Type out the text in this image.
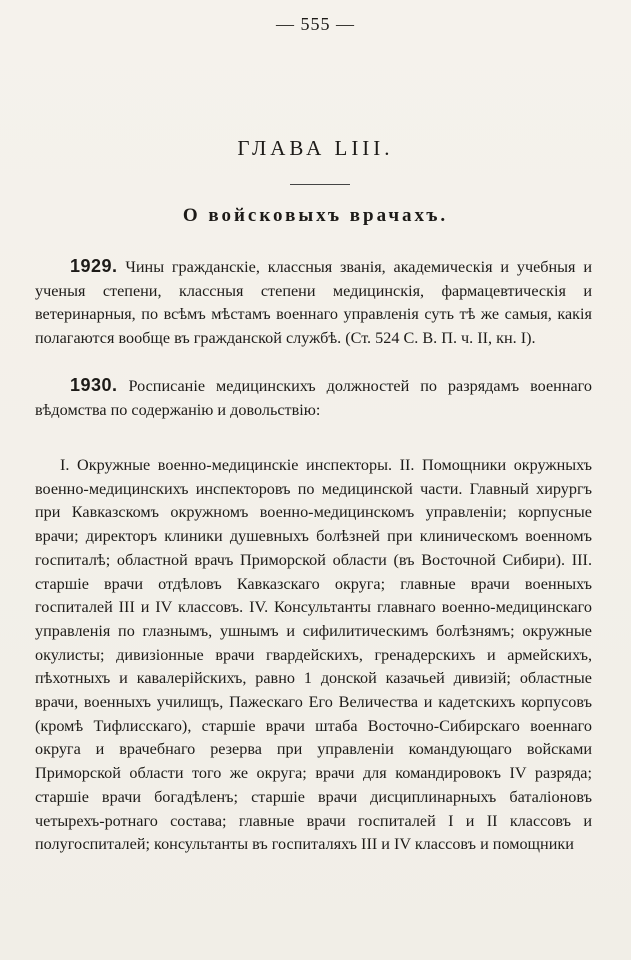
— 555 —
ГЛАВА LIII.
О войсковыхъ врачахъ.
1929. Чины гражданскіе, классныя званія, академическія и учебныя и ученыя степени, классныя степени медицинскія, фармацевтическія и ветеринарныя, по всѣмъ мѣстамъ военнаго управленія суть тѣ же самыя, какія полагаются вообще въ гражданской службѣ. (Ст. 524 С. В. П. ч. II, кн. I).
1930. Росписаніе медицинскихъ должностей по разрядамъ военнаго вѣдомства по содержанію и довольствію:
I. Окружные военно-медицинскіе инспекторы. II. Помощники окружныхъ военно-медицинскихъ инспекторовъ по медицинской части. Главный хирургъ при Кавказскомъ окружномъ военно-медицинскомъ управленіи; корпусные врачи; директоръ клиники душевныхъ болѣзней при клиническомъ военномъ госпиталѣ; областной врачъ Приморской области (въ Восточной Сибири). III. старшіе врачи отдѣловъ Кавказскаго округа; главные врачи военныхъ госпиталей III и IV классовъ. IV. Консультанты главнаго военно-медицинскаго управленія по глазнымъ, ушнымъ и сифилитическимъ болѣзнямъ; окружные окулисты; дивизіонные врачи гвардейскихъ, гренадерскихъ и армейскихъ, пѣхотныхъ и кавалерійскихъ, равно 1 донской казачьей дивизій; областные врачи, военныхъ училищъ, Пажескаго Его Величества и кадетскихъ корпусовъ (кромѣ Тифлисскаго), старшіе врачи штаба Восточно-Сибирскаго военнаго округа и врачебнаго резерва при управленіи командующаго войсками Приморской области того же округа; врачи для командировокъ IV разряда; старшіе врачи богадѣленъ; старшіе врачи дисциплинарныхъ баталіоновъ четырехъ-ротнаго состава; главные врачи госпиталей I и II классовъ и полугоспиталей; консультанты въ госпиталяхъ III и IV классовъ и помощники
